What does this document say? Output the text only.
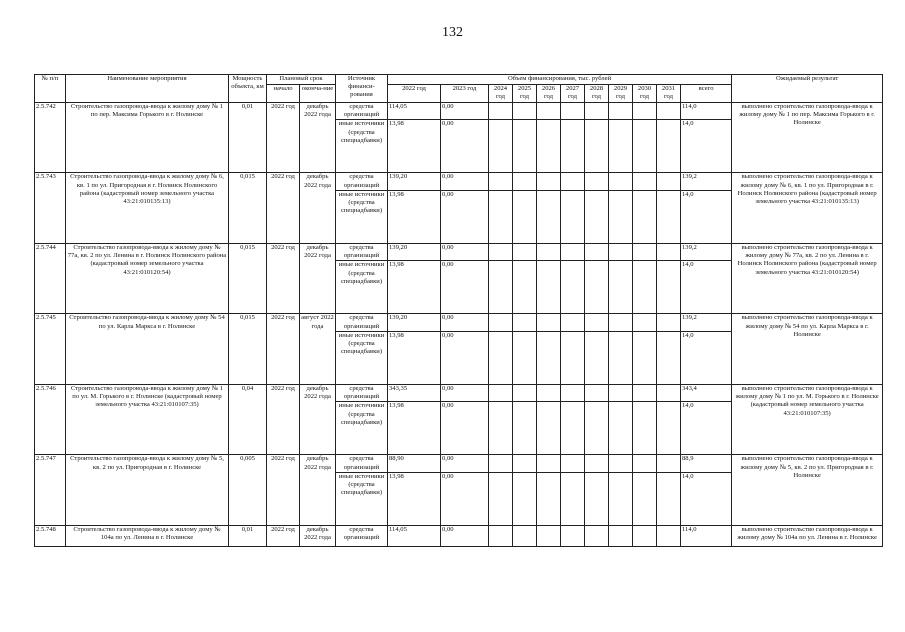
132
№ п/п	Наименование мероприятия	Мощность объекта, км	Плановый срок		Источник финанси-рования	Объем финансирования, тыс. рублей											Ожидаемый результат
			начало	оконча-ние		2022 год	2023 год	2024 год	2025 год	2026 год	2027 год	2028 год	2029 год	2030 год	2031 год	всего	
2.5.742	Строительство газопровода-ввода к жилому дому № 1 по пер. Максима Горького в г. Нолинске	0,01	2022 год	декабрь 2022 года	средства организаций	114,05	0,00									114,0	выполнено строительство газопровода-ввода к жилому дому № 1 по пер. Максима Горького в г. Нолинске
					иные источники (средства спецнадбавки)	13,98	0,00									14,0	
2.5.743	Строительство газопровода-ввода к жилому дому № 6, кв. 1 по ул. Пригородная в г. Нолинск Нолинского района (кадастровый номер земельного участка 43:21:010135:13)	0,015	2022 год	декабрь 2022 года	средства организаций	139,20	0,00									139,2	выполнено строительство газопровода-ввода к жилому дому № 6, кв. 1 по ул. Пригородная в г. Нолинск Нолинского района (кадастровый номер земельного участка 43:21:010135:13)
					иные источники (средства спецнадбавки)	13,98	0,00									14,0	
2.5.744	Строительство газопровода-ввода к жилому дому № 77а, кв. 2 по ул. Ленина в г. Нолинск Нолинского района (кадастровый номер земельного участка 43:21:010120:54)	0,015	2022 год	декабрь 2022 года	средства организаций	139,20	0,00									139,2	выполнено строительство газопровода-ввода к жилому дому № 77а, кв. 2 по ул. Ленина в г. Нолинск Нолинского района (кадастровый номер земельного участка 43:21:010120:54)
					иные источники (средства спецнадбавки)	13,98	0,00									14,0	
2.5.745	Строительство газопровода-ввода к жилому дому № 54 по ул. Карла Маркса в г. Нолинске	0,015	2022 год	август 2022 года	средства организаций	139,20	0,00									139,2	выполнено строительство газопровода-ввода к жилому дому № 54 по ул. Карла Маркса в г. Нолинске
					иные источники (средства спецнадбавки)	13,98	0,00									14,0	
2.5.746	Строительство газопровода-ввода к жилому дому № 1 по ул. М. Горького в г. Нолинске (кадастровый номер земельного участка 43:21:010107:35)	0,04	2022 год	декабрь 2022 года	средства организаций	343,35	0,00									343,4	выполнено строительство газопровода-ввода к жилому дому № 1 по ул. М. Горького в г. Нолинске (кадастровый номер земельного участка 43:21:010107:35)
					иные источники (средства спецнадбавки)	13,98	0,00									14,0	
2.5.747	Строительство газопровода-ввода к жилому дому № 5, кв. 2 по ул. Пригородная в г. Нолинске	0,005	2022 год	декабрь 2022 года	средства организаций	88,90	0,00									88,9	выполнено строительство газопровода-ввода к жилому дому № 5, кв. 2 по ул. Пригородная в г. Нолинске
					иные источники (средства спецнадбавки)	13,98	0,00									14,0	
2.5.748	Строительство газопровода-ввода к жилому дому № 104а по ул. Ленина в г. Нолинске	0,01	2022 год	декабрь 2022 года	средства организаций	114,05	0,00									114,0	выполнено строительство газопровода-ввода к жилому дому № 104а по ул. Ленина в г. Нолинске
